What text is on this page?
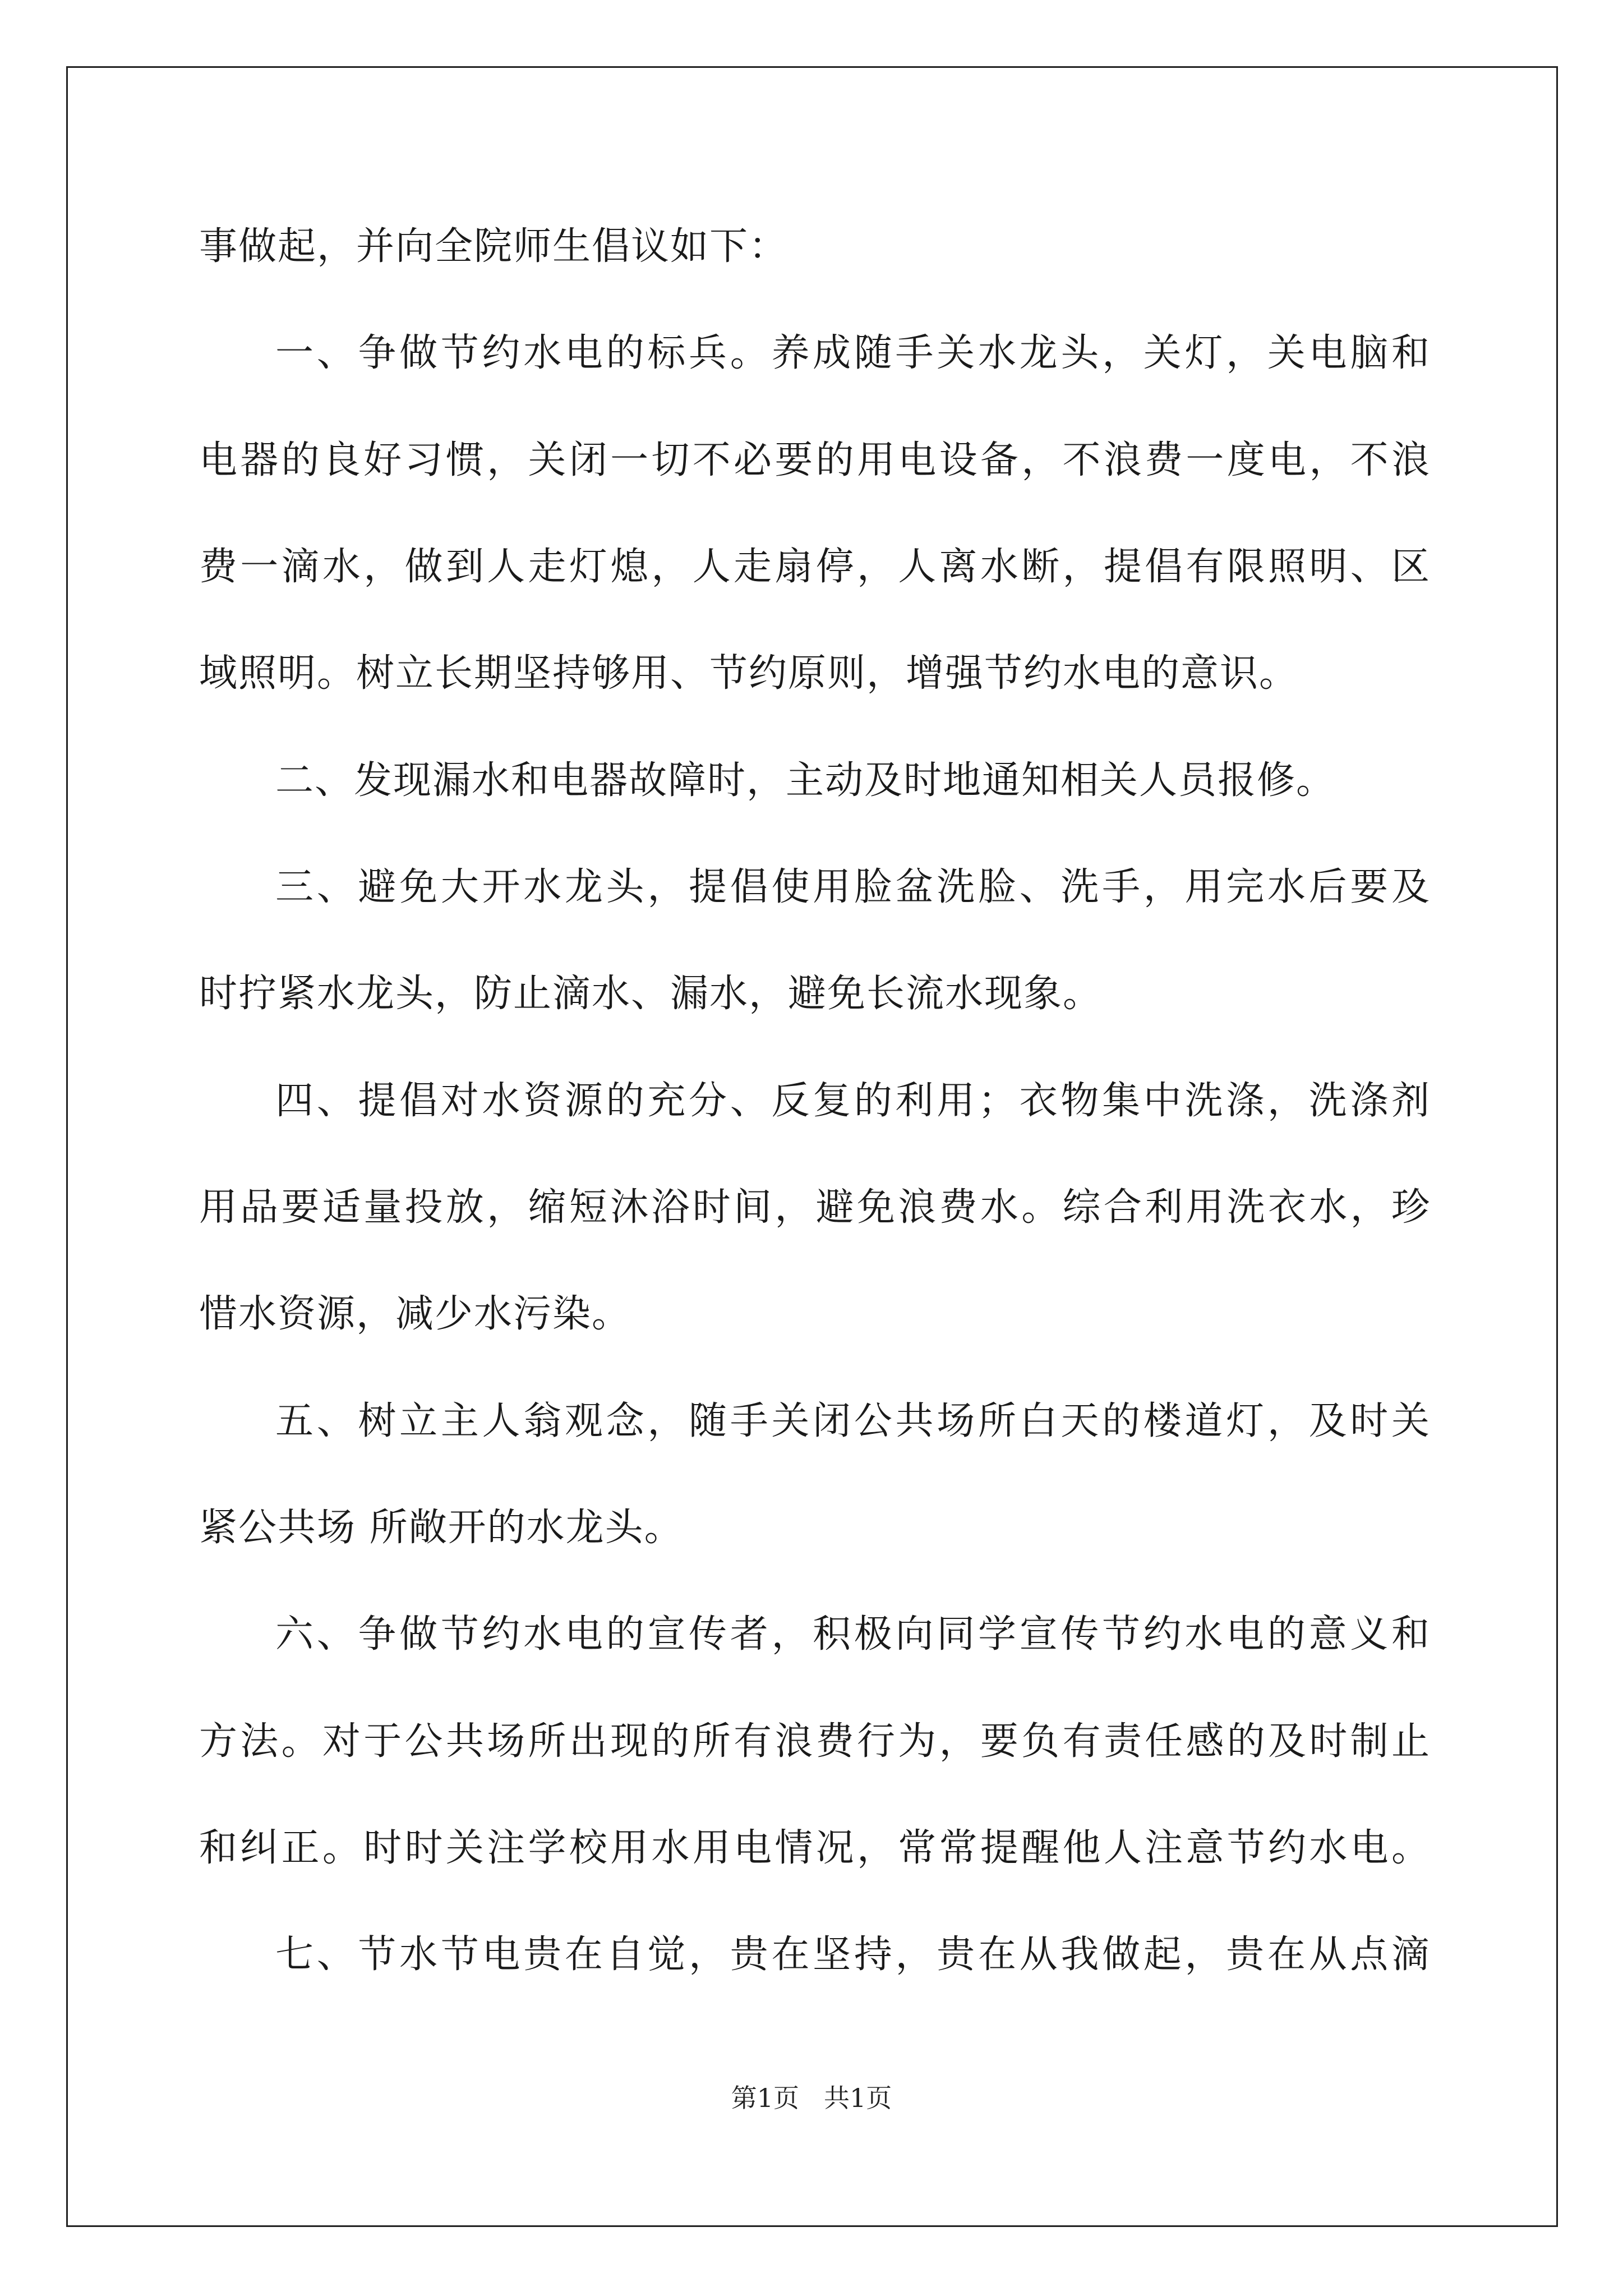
事做起，并向全院师生倡议如下：
一、争做节约水电的标兵。养成随手关水龙头，关灯，关电脑和
电器的良好习惯，关闭一切不必要的用电设备，不浪费一度电，不浪
费一滴水，做到人走灯熄，人走扇停，人离水断，提倡有限照明、区
域照明。树立长期坚持够用、节约原则，增强节约水电的意识。
二、发现漏水和电器故障时，主动及时地通知相关人员报修。
三、避免大开水龙头，提倡使用脸盆洗脸、洗手，用完水后要及
时拧紧水龙头，防止滴水、漏水，避免长流水现象。
四、提倡对水资源的充分、反复的利用；衣物集中洗涤，洗涤剂
用品要适量投放，缩短沐浴时间，避免浪费水。综合利用洗衣水，珍
惜水资源，减少水污染。
五、树立主人翁观念，随手关闭公共场所白天的楼道灯，及时关
紧公共场 所敞开的水龙头。
六、争做节约水电的宣传者，积极向同学宣传节约水电的意义和
方法。对于公共场所出现的所有浪费行为，要负有责任感的及时制止
和纠正。时时关注学校用水用电情况，常常提醒他人注意节约水电。
七、节水节电贵在自觉，贵在坚持，贵在从我做起，贵在从点滴
第1页 共1页
